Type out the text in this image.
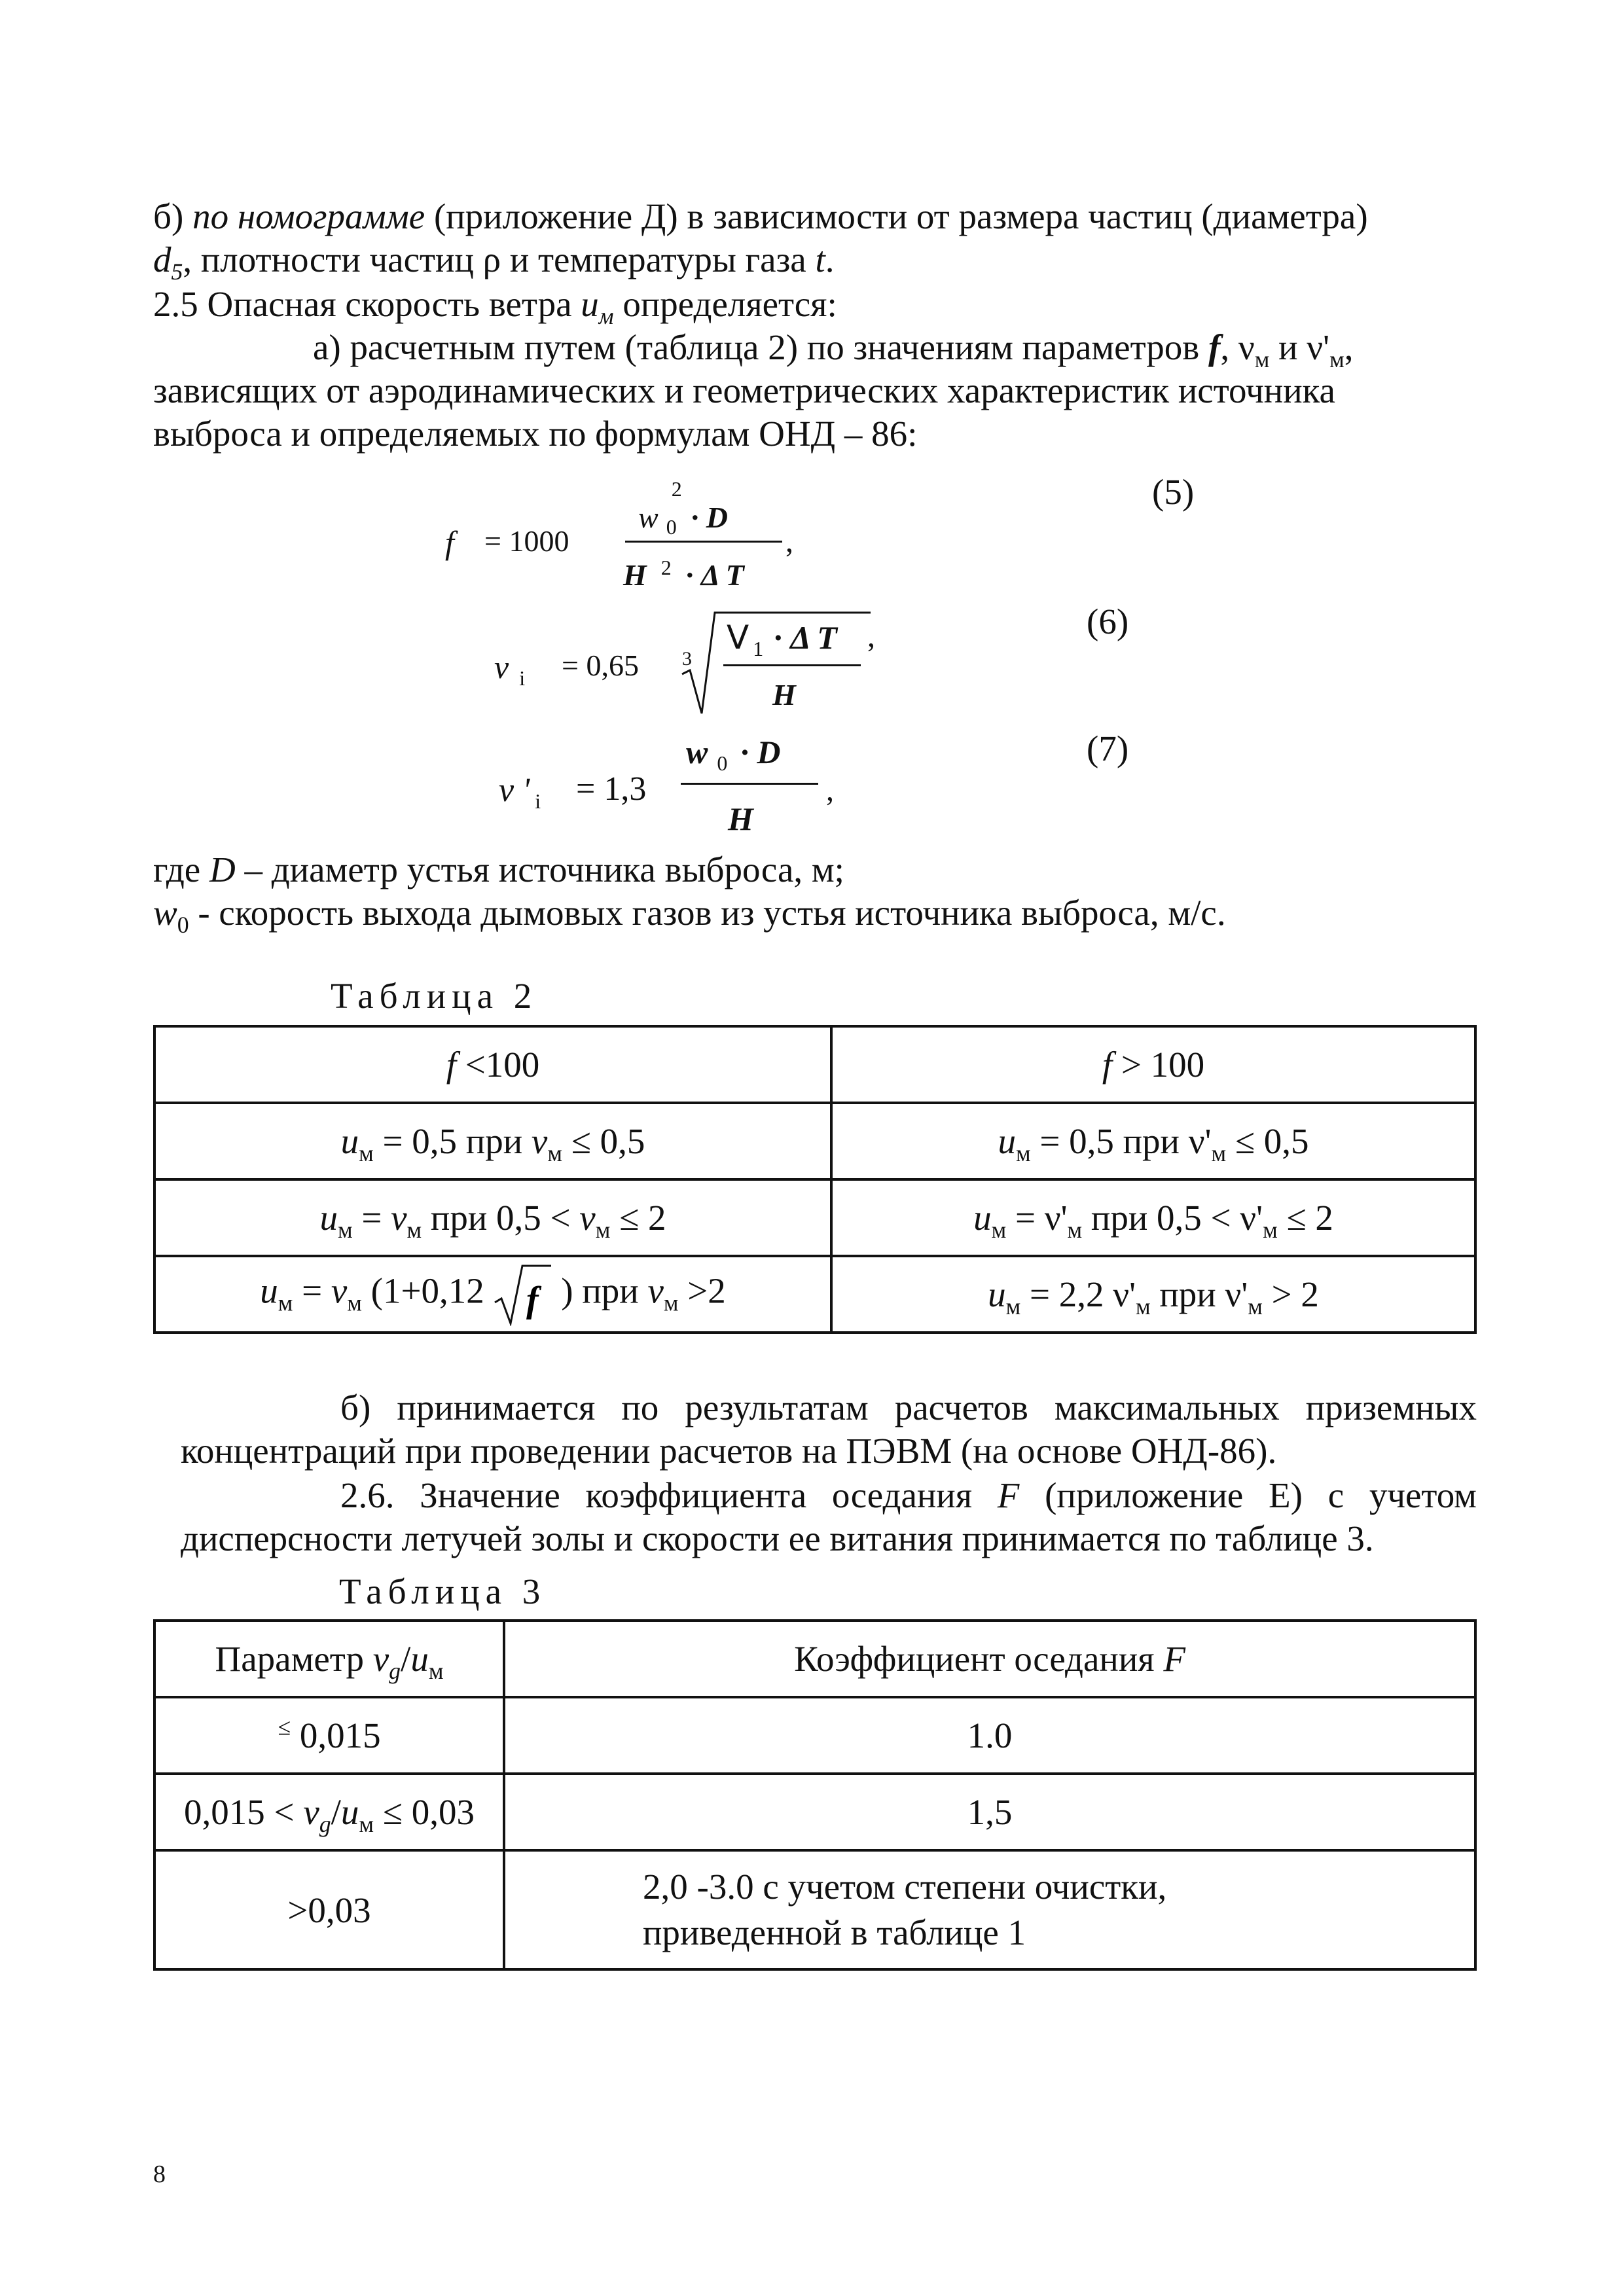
б) по номограмме (приложение Д) в зависимости от размера частиц (диаметра)
$d_5$, плотности частиц ρ и температуры газа t.
2.5 Опасная скорость ветра $u_м$ определяется:
а) расчетным путем (таблица 2) по значениям параметров f, $\nu_м$ и $\nu'_м$,
зависящих от аэродинамических и геометрических характеристик источника
выброса и определяемых по формулам ОНД – 86:
(5)
f = 1000
w
2
$_0$ · D
H $^2$ · Δ T
,
(6)
ν $_i$ = 0,65 3
V $_1$ · Δ T
H
,
(7)
ν ' $_i$ = 1,3
w $_0$ · D
H
,
где D – диаметр устья источника выброса, м;
$w_0$ - скорость выхода дымовых газов из устья источника выброса, м/с.
Таблица 2
f <100	f > 100
$u_м = 0,5$ при $v_м \le 0,5$	$u_м = 0,5$ при $\nu'_м \le 0,5$
$u_м = v_м$ при $0,5 < v_м \le 2$	$u_м = \nu'_м$ при $0,5 < \nu'_м \le 2$
$u_м = v_м$ (1+0,12 f ) при $v_м >2$	$u_м = 2,2$ $\nu'_м$ при $\nu'_м > 2$
б) принимается по результатам расчетов максимальных приземных
концентраций при проведении расчетов на ПЭВМ (на основе ОНД-86).
2.6. Значение коэффициента оседания F (приложение Е) с учетом
дисперсности летучей золы и скорости ее витания принимается по таблице 3.
Таблица 3
Параметр $v_g/u_м$	Коэффициент оседания F
≤ 0,015	1.0
$0,015 < v_g/u_м \le 0,03$	1,5
>0,03	2,0 -3.0 с учетом степени очистки,
приведенной в таблице 1
8
